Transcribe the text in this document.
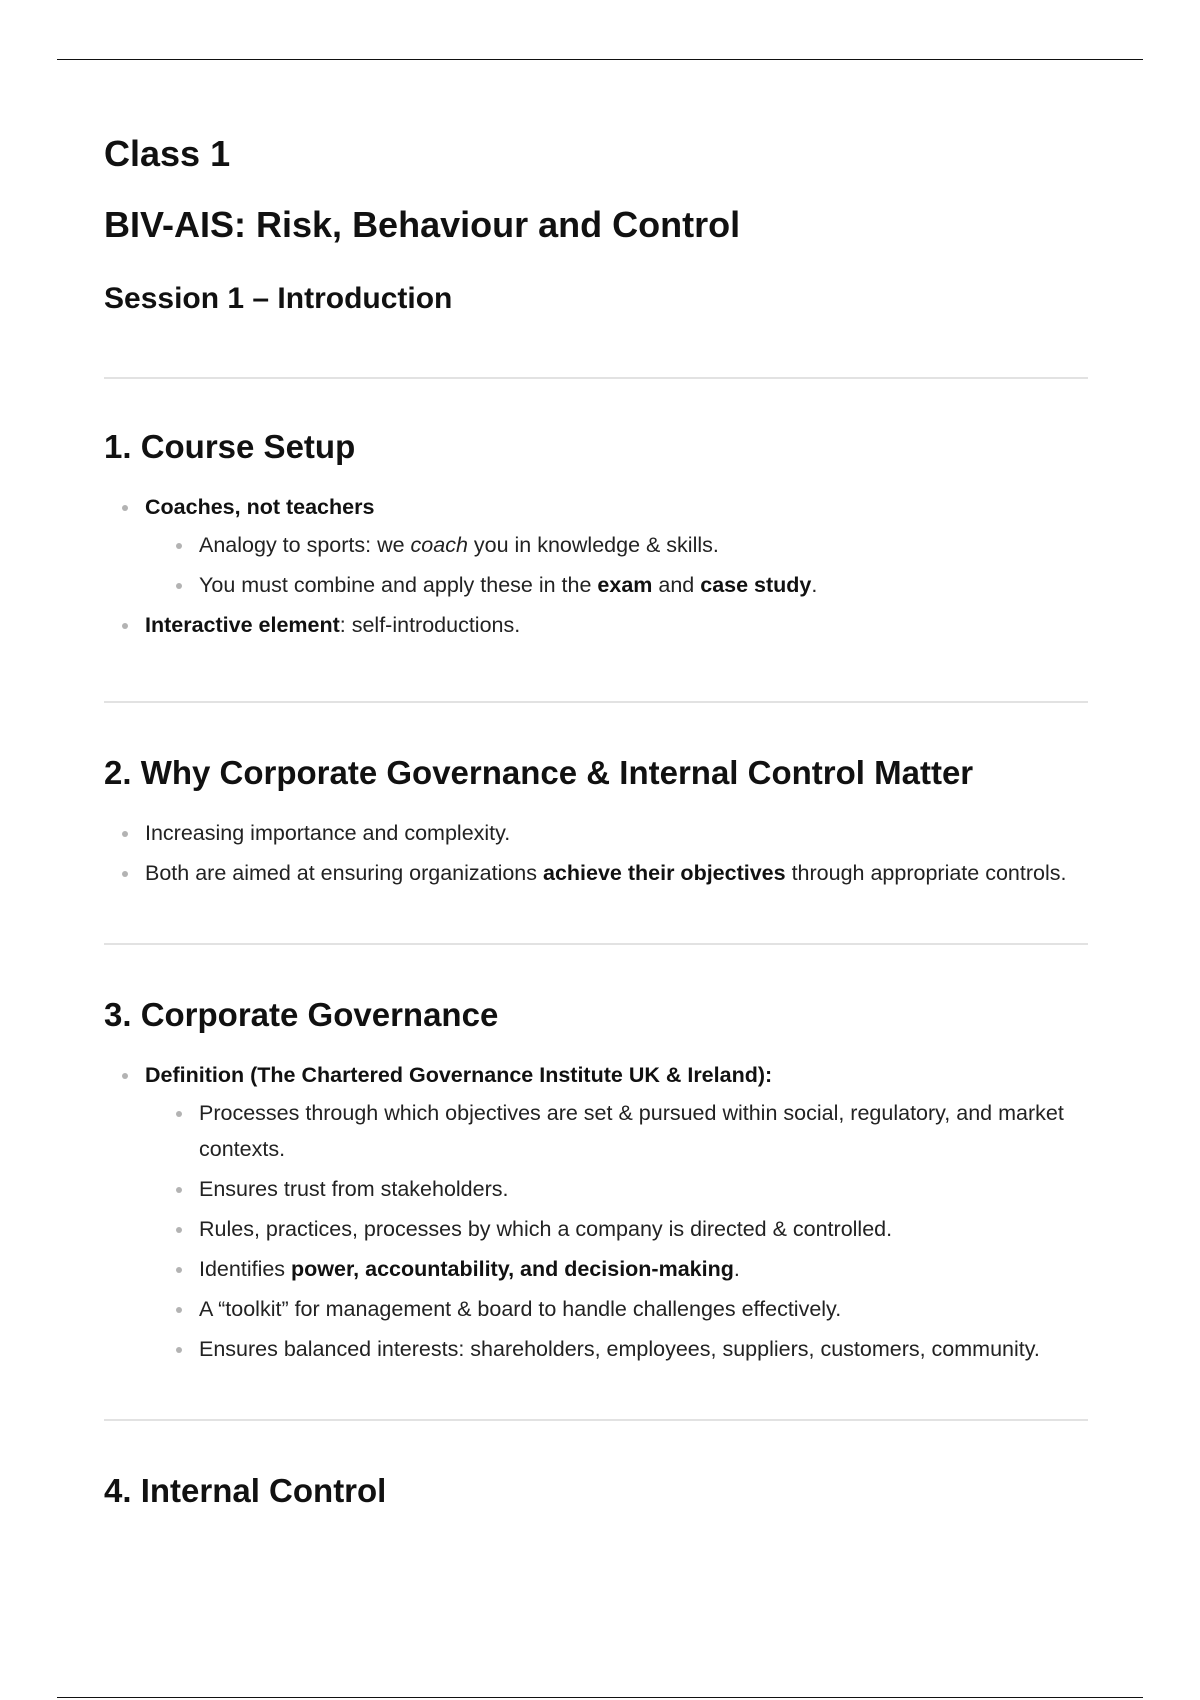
Class 1
BIV-AIS: Risk, Behaviour and Control
Session 1 – Introduction
1. Course Setup
Coaches, not teachers
Analogy to sports: we coach you in knowledge & skills.
You must combine and apply these in the exam and case study.
Interactive element: self-introductions.
2. Why Corporate Governance & Internal Control Matter
Increasing importance and complexity.
Both are aimed at ensuring organizations achieve their objectives through appropriate controls.
3. Corporate Governance
Definition (The Chartered Governance Institute UK & Ireland):
Processes through which objectives are set & pursued within social, regulatory, and market contexts.
Ensures trust from stakeholders.
Rules, practices, processes by which a company is directed & controlled.
Identifies power, accountability, and decision-making.
A “toolkit” for management & board to handle challenges effectively.
Ensures balanced interests: shareholders, employees, suppliers, customers, community.
4. Internal Control
